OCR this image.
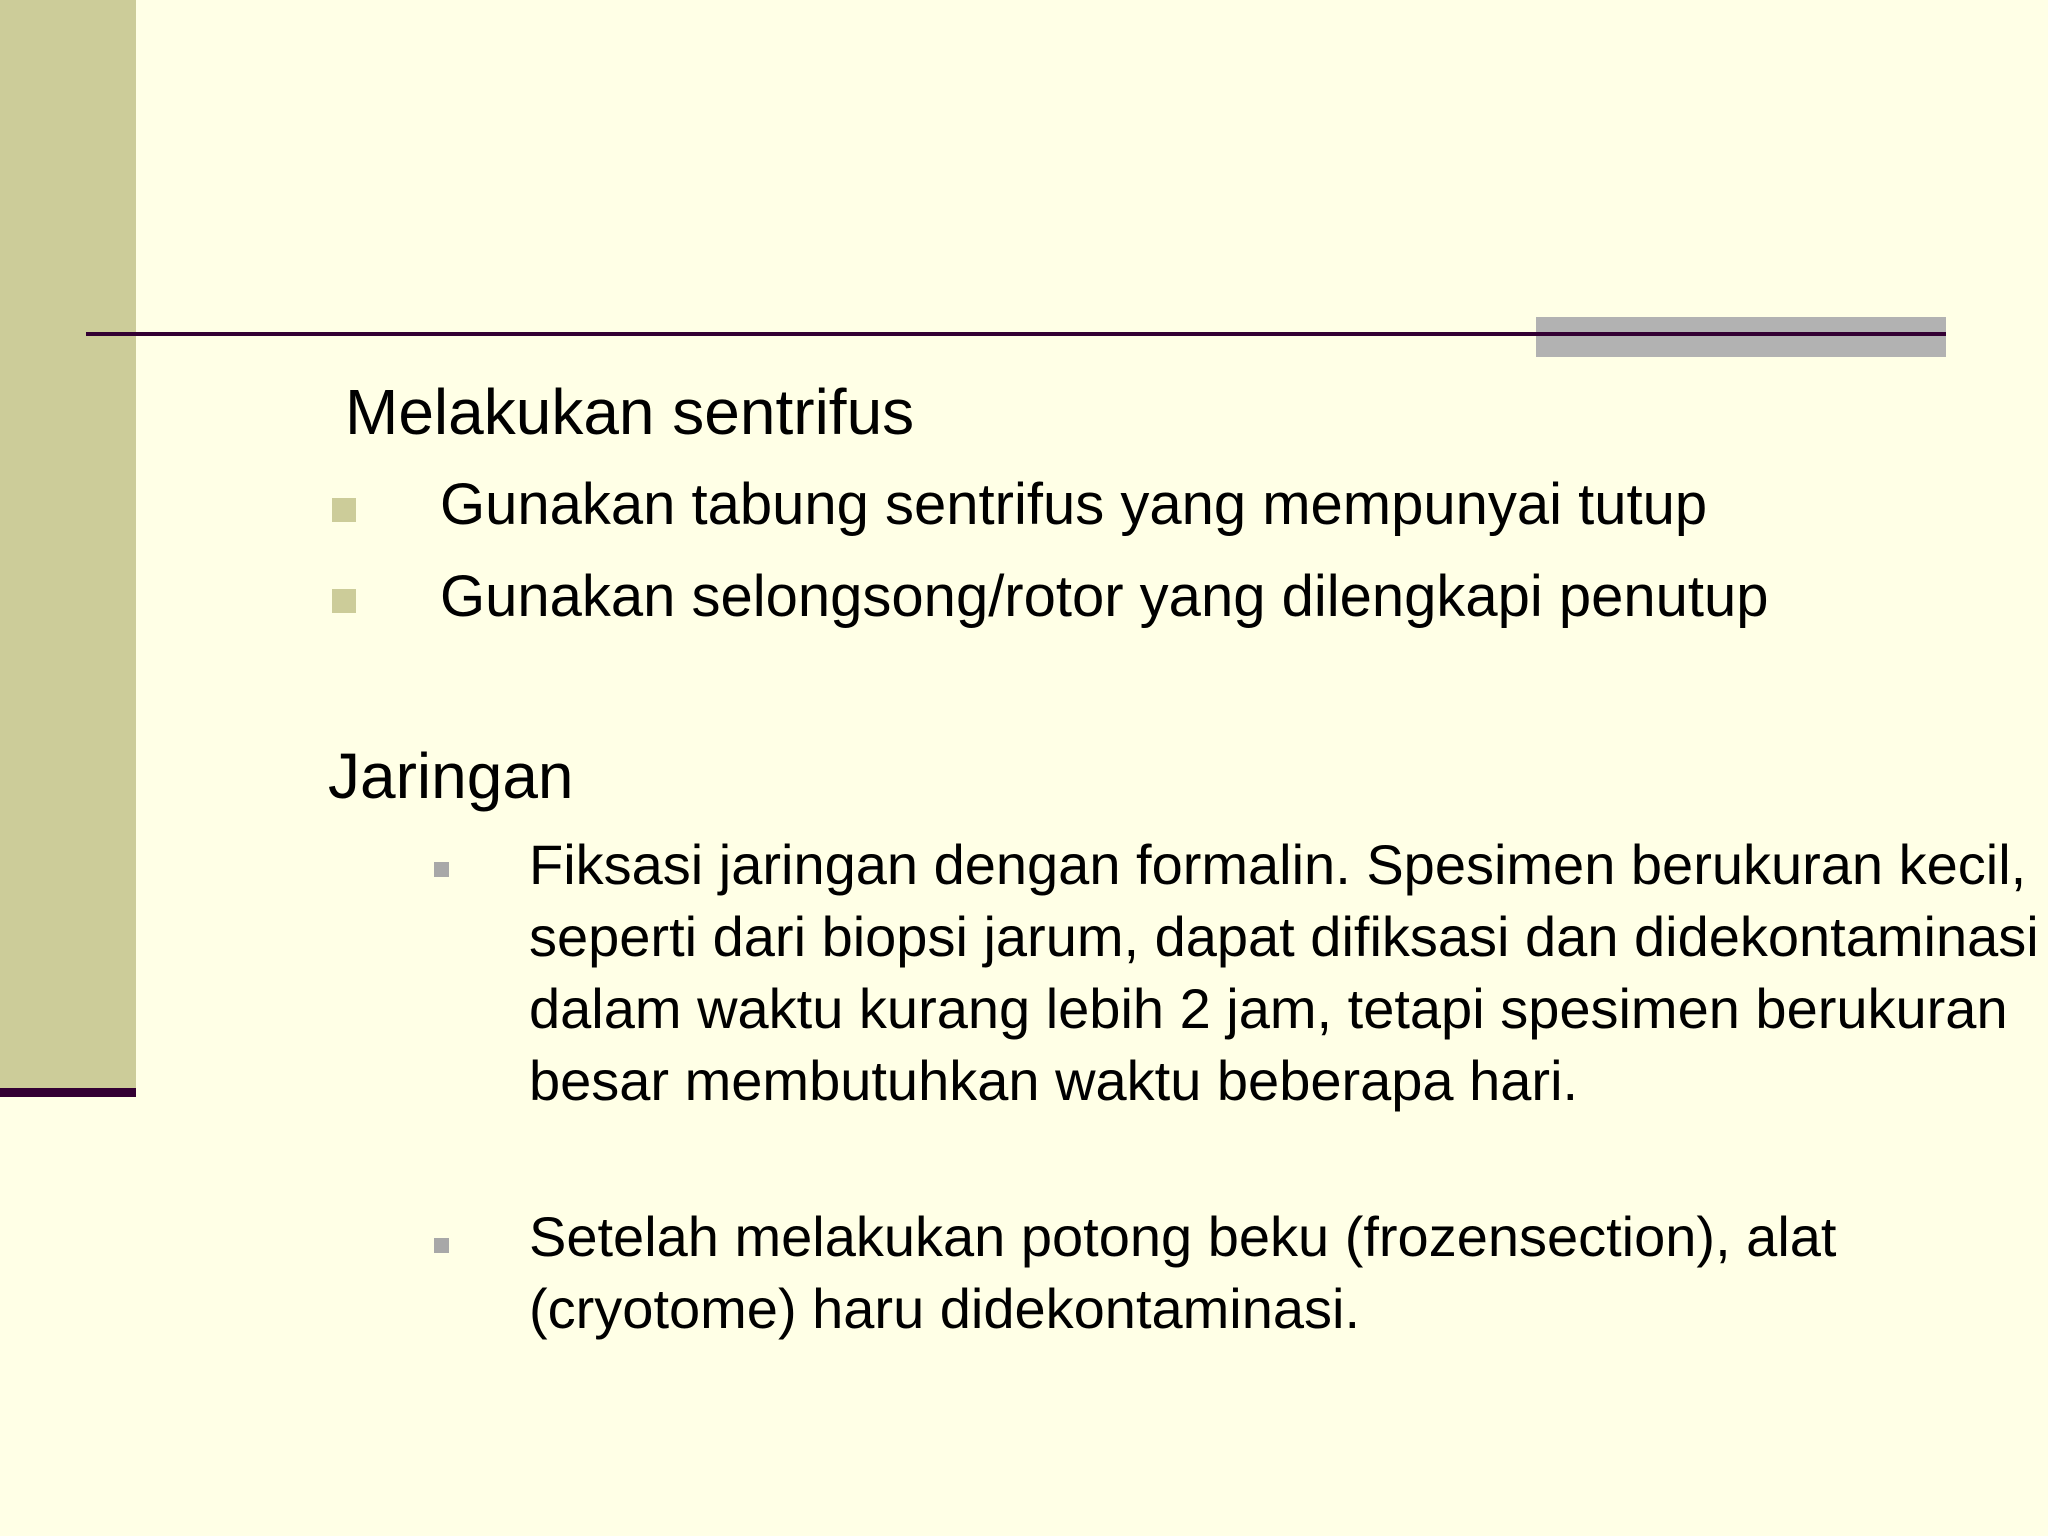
Melakukan sentrifus
Gunakan tabung sentrifus yang mempunyai tutup
Gunakan selongsong/rotor yang dilengkapi penutup
Jaringan
Fiksasi jaringan dengan formalin. Spesimen berukuran kecil, seperti dari biopsi jarum, dapat difiksasi dan didekontaminasi dalam waktu kurang lebih 2 jam, tetapi spesimen berukuran besar membutuhkan waktu beberapa hari.
Setelah melakukan potong beku (frozensection), alat (cryotome) haru didekontaminasi.
